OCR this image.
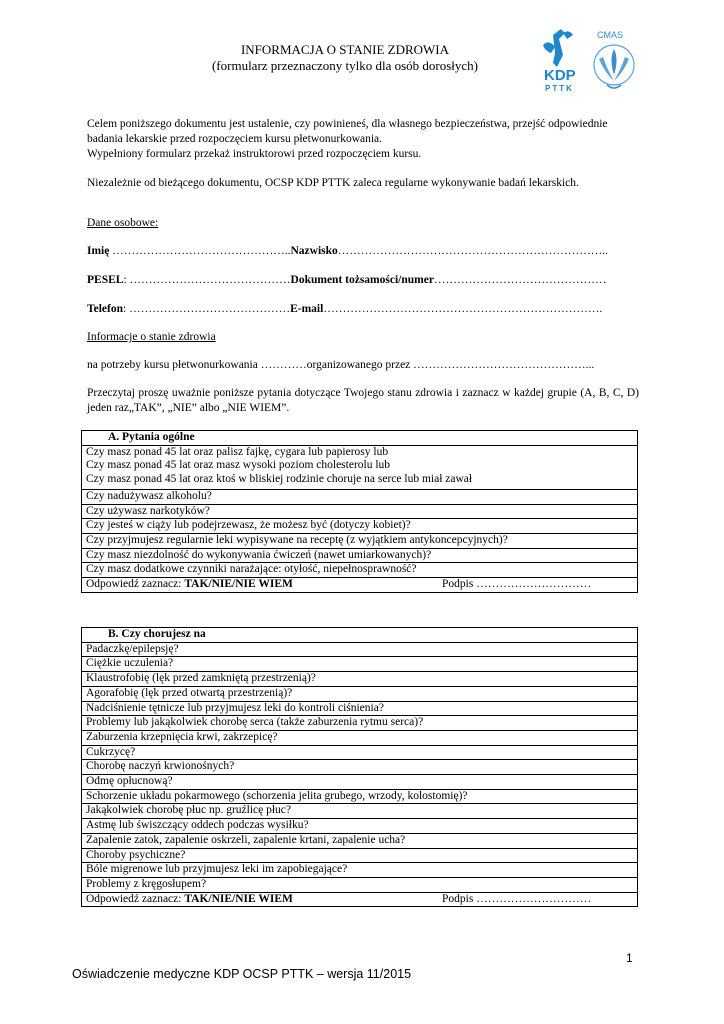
INFORMACJA O STANIE ZDROWIA
(formularz przeznaczony tylko dla osób dorosłych)
KDP
PTTK
CMAS
Celem poniższego dokumentu jest ustalenie, czy powinieneś, dla własnego bezpieczeństwa, przejść odpowiednie badania lekarskie przed rozpoczęciem kursu płetwonurkowania.
Wypełniony formularz przekaż instruktorowi przed rozpoczęciem kursu.
Niezależnie od bieżącego dokumentu, OCSP KDP PTTK zaleca regularne wykonywanie badań lekarskich.
Dane osobowe:
Imię ………………………………………..Nazwisko……………………………………………………………..
PESEL: ……………………………………Dokument tożsamości/numer………………………………………
Telefon: ……………………………………E-mail……………………………………………………………….
Informacje o stanie zdrowia
na potrzeby kursu płetwonurkowania …………organizowanego przez ………………………………………...
Przeczytaj proszę uważnie poniższe pytania dotyczące Twojego stanu zdrowia i zaznacz w każdej grupie (A, B, C, D) jeden raz„TAK”, „NIE” albo „NIE WIEM”.
A. Pytania ogólne

Czy masz ponad 45 lat oraz palisz fajkę, cygara lub papierosy lub
Czy masz ponad 45 lat oraz masz wysoki poziom cholesterolu lub
Czy masz ponad 45 lat oraz ktoś w bliskiej rodzinie choruje na serce lub miał zawał

Czy nadużywasz alkoholu?
Czy używasz narkotyków?
Czy jesteś w ciąży lub podejrzewasz, że możesz być (dotyczy kobiet)?
Czy przyjmujesz regularnie leki wypisywane na receptę (z wyjątkiem antykoncepcyjnych)?
Czy masz niezdolność do wykonywania ćwiczeń (nawet umiarkowanych)?
Czy masz dodatkowe czynniki narażające: otyłość, niepełnosprawność?
Odpowiedź zaznacz: TAK/NIE/NIE WIEM	Podpis …………………………
B. Czy chorujesz na
Padaczkę/epilepsję?
Ciężkie uczulenia?
Klaustrofobię (lęk przed zamkniętą przestrzenią)?
Agorafobię (lęk przed otwartą przestrzenią)?
Nadciśnienie tętnicze lub przyjmujesz leki do kontroli ciśnienia?
Problemy lub jakąkolwiek chorobę serca (także zaburzenia rytmu serca)?
Zaburzenia krzepnięcia krwi, zakrzepicę?
Cukrzycę?
Chorobę naczyń krwionośnych?
Odmę opłucnową?
Schorzenie układu pokarmowego (schorzenia jelita grubego, wrzody, kolostomię)?
Jakąkolwiek chorobę płuc np. gruźlicę płuc?
Astmę lub świszczący oddech podczas wysiłku?
Zapalenie zatok, zapalenie oskrzeli, zapalenie krtani, zapalenie ucha?
Choroby psychiczne?
Bóle migrenowe lub przyjmujesz leki im zapobiegające?
Problemy z kręgosłupem?
Odpowiedź zaznacz: TAK/NIE/NIE WIEM	Podpis …………………………
1
Oświadczenie medyczne KDP OCSP PTTK – wersja 11/2015
